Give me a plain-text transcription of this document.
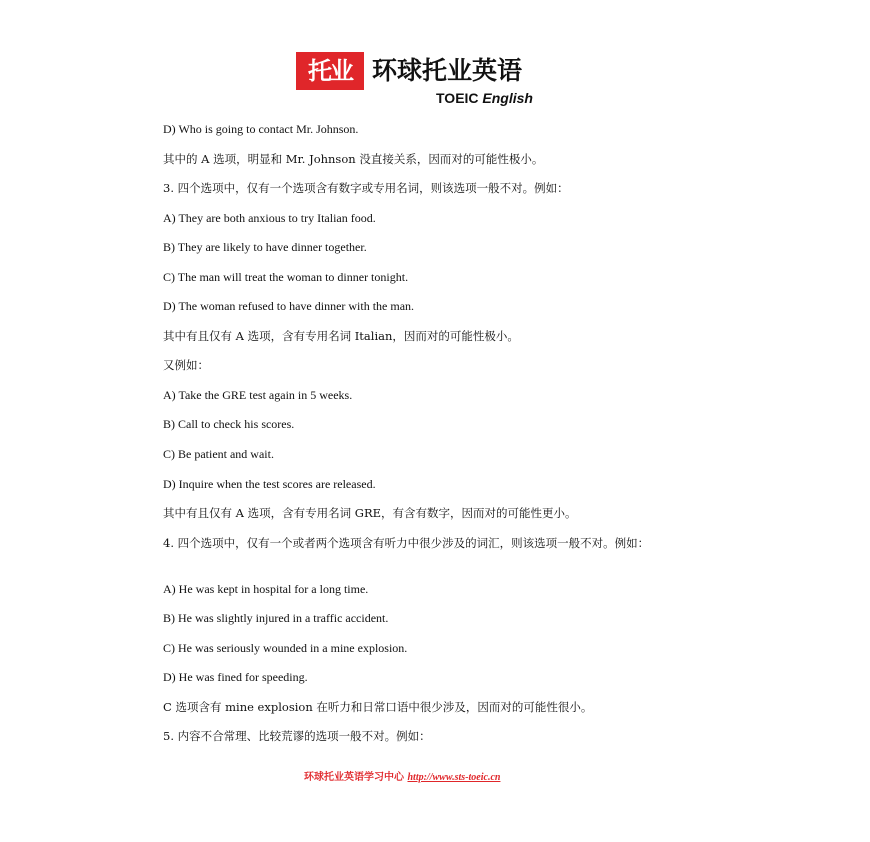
托业 环球托业英语
TOEIC English
D) Who is going to contact Mr. Johnson.
其中的 A 选项，明显和 Mr. Johnson 没直接关系，因而对的可能性极小。
3. 四个选项中，仅有一个选项含有数字或专用名词，则该选项一般不对。例如：
A) They are both anxious to try Italian food.
B) They are likely to have dinner together.
C) The man will treat the woman to dinner tonight.
D) The woman refused to have dinner with the man.
其中有且仅有 A 选项，含有专用名词 Italian，因而对的可能性极小。
又例如：
A) Take the GRE test again in 5 weeks.
B) Call to check his scores.
C) Be patient and wait.
D) Inquire when the test scores are released.
其中有且仅有 A 选项，含有专用名词 GRE，有含有数字，因而对的可能性更小。
4. 四个选项中，仅有一个或者两个选项含有听力中很少涉及的词汇，则该选项一般不对。例如：
A) He was kept in hospital for a long time.
B) He was slightly injured in a traffic accident.
C) He was seriously wounded in a mine explosion.
D) He was fined for speeding.
C 选项含有 mine explosion 在听力和日常口语中很少涉及，因而对的可能性很小。
5. 内容不合常理、比较荒谬的选项一般不对。例如：
环球托业英语学习中心 http://www.sts-toeic.cn
